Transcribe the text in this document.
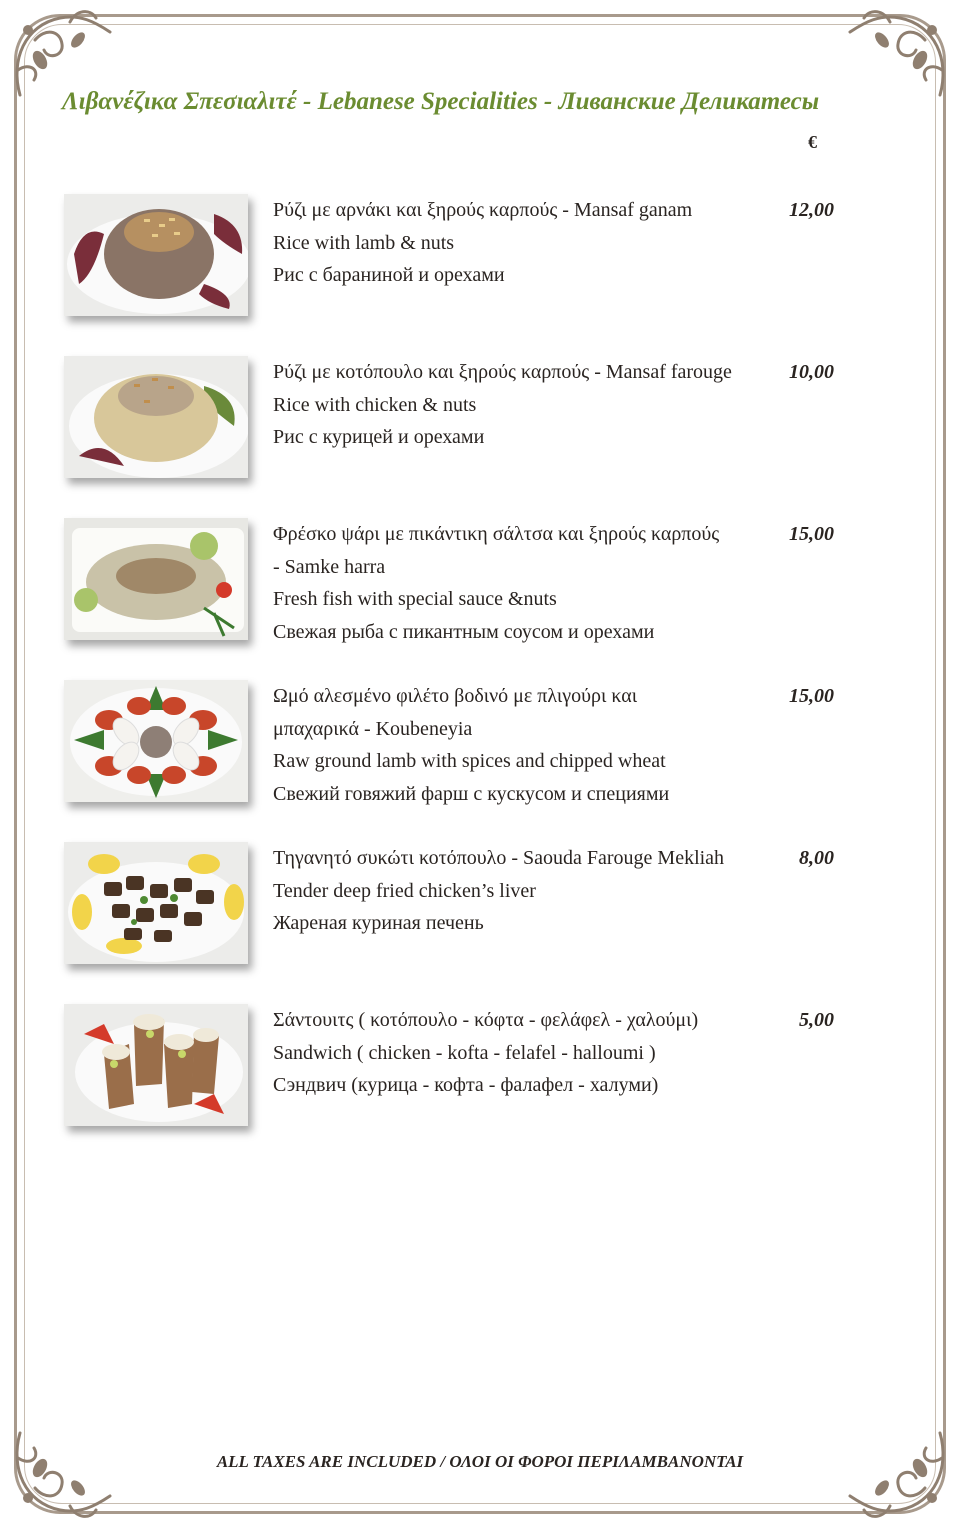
Λιβανέζικα Σπεσιαλιτέ - Lebanese Specialities - Ливанские Деликатесы
€
Ρύζι με αρνάκι και ξηρούς καρπούς - Mansaf ganam
Rice with lamb & nuts
Рис с бараниной и орехами
12,00
Ρύζι με κοτόπουλο και ξηρούς καρπούς - Mansaf farouge
Rice with chicken & nuts
Рис с курицей и орехами
10,00
Φρέσκο ψάρι με πικάντικη σάλτσα και ξηρούς καρπούς
- Samke harra
Fresh fish with special sauce &nuts
Свежая рыба с пикантным соусом и орехами
15,00
Ωμό αλεσμένο φιλέτο βοδινό με πλιγούρι και
μπαχαρικά - Koubeneyia
Raw ground lamb with spices and chipped wheat
Свежий говяжий фарш с кускусом и специями
15,00
Τηγανητό συκώτι κοτόπουλο - Saouda Farouge Mekliah
Tender deep fried chicken’s liver
Жареная куриная печень
8,00
Σάντουιτς ( κοτόπουλο - κόφτα - φελάφελ - χαλούμι)
Sandwich ( chicken - kofta - felafel - halloumi )
Сэндвич (курица - кофта - фалафел - халуми)
5,00
ALL TAXES ARE INCLUDED / ΟΛΟΙ ΟΙ ΦΟΡΟΙ ΠΕΡΙΛΑΜΒΑΝΟΝΤΑΙ
